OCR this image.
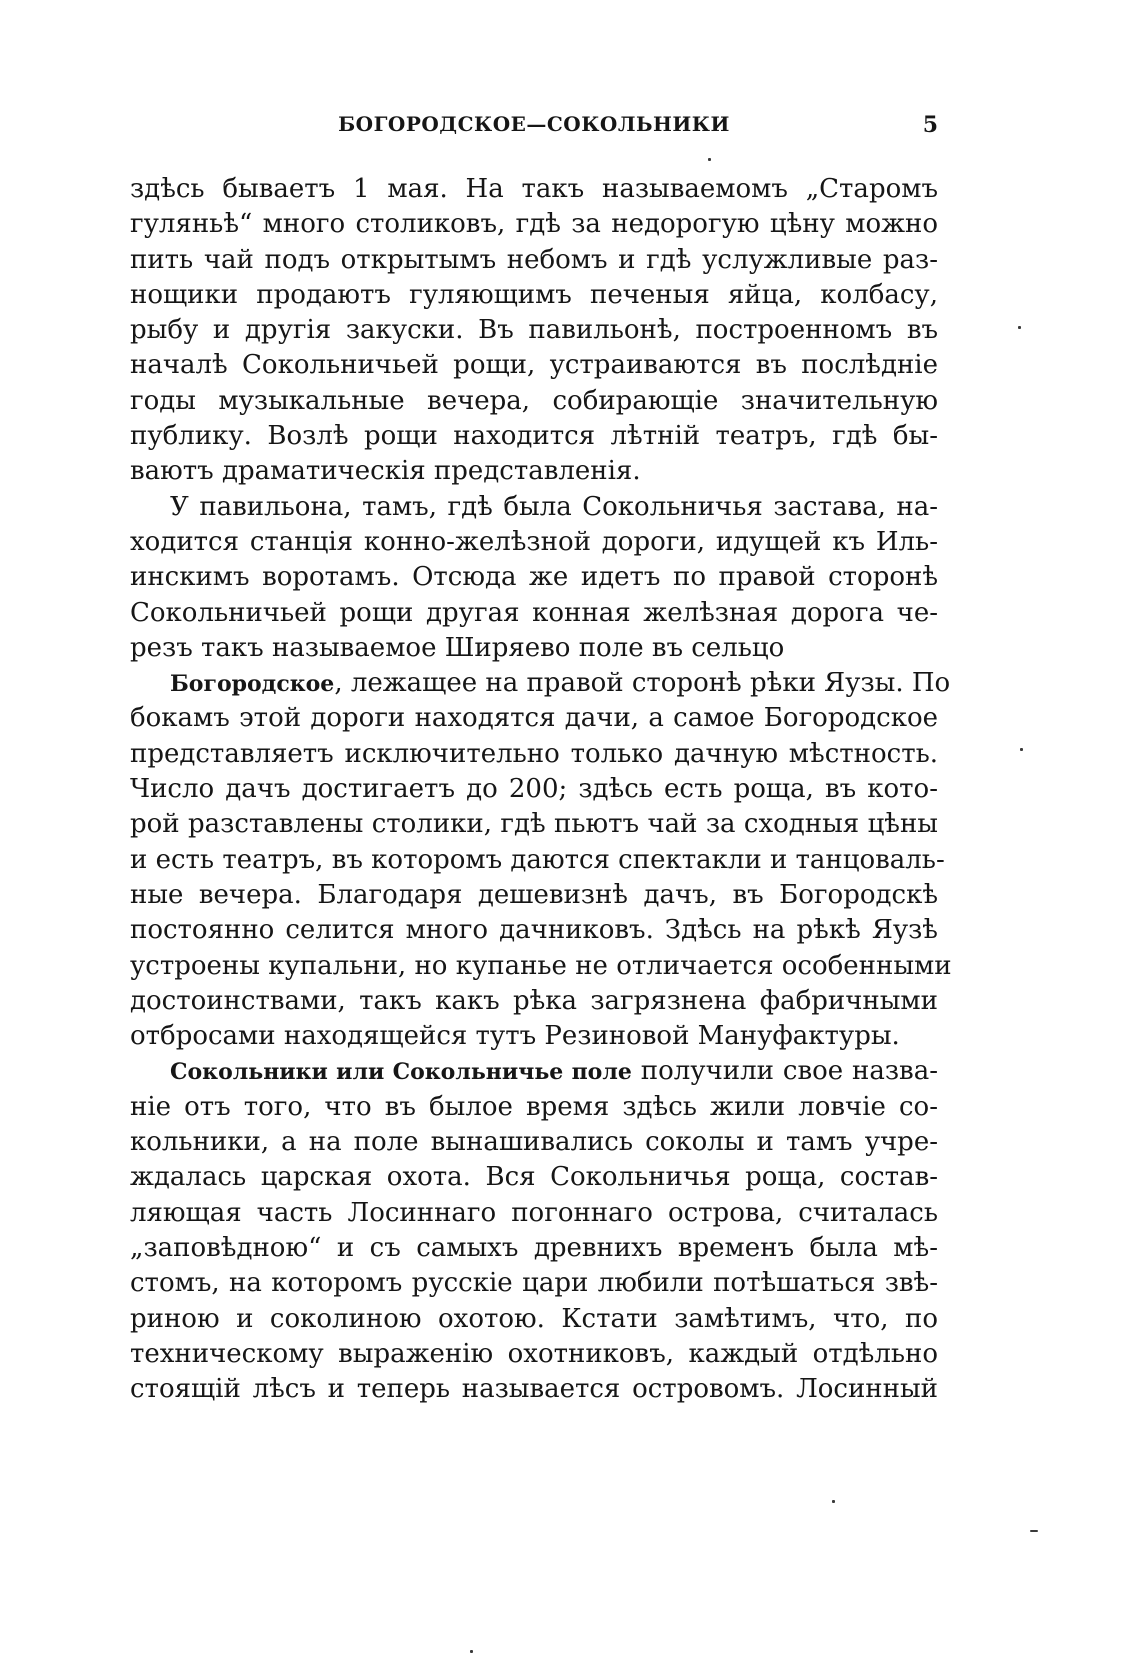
БОГОРОДСКОЕ—СОКОЛЬНИКИ	5
здѣсь бываетъ 1 мая. На такъ называемомъ „Старомъ
гуляньѣ“ много столиковъ, гдѣ за недорогую цѣну можно
пить чай подъ открытымъ небомъ и гдѣ услужливые раз-
нощики продаютъ гуляющимъ печеныя яйца, колбасу,
рыбу и другія закуски. Въ павильонѣ, построенномъ въ
началѣ Сокольничьей рощи, устраиваются въ послѣдніе
годы музыкальные вечера, собирающіе значительную
публику. Возлѣ рощи находится лѣтній театръ, гдѣ бы-
ваютъ драматическія представленія.
У павильона, тамъ, гдѣ была Сокольничья застава, на-
ходится станція конно-желѣзной дороги, идущей къ Иль-
инскимъ воротамъ. Отсюда же идетъ по правой сторонѣ
Сокольничьей рощи другая конная желѣзная дорога че-
резъ такъ называемое Ширяево поле въ сельцо
Богородское, лежащее на правой сторонѣ рѣки Яузы. По
бокамъ этой дороги находятся дачи, а самое Богородское
представляетъ исключительно только дачную мѣстность.
Число дачъ достигаетъ до 200; здѣсь есть роща, въ кото-
рой разставлены столики, гдѣ пьютъ чай за сходныя цѣны
и есть театръ, въ которомъ даются спектакли и танцоваль-
ные вечера. Благодаря дешевизнѣ дачъ, въ Богородскѣ
постоянно селится много дачниковъ. Здѣсь на рѣкѣ Яузѣ
устроены купальни, но купанье не отличается особенными
достоинствами, такъ какъ рѣка загрязнена фабричными
отбросами находящейся тутъ Резиновой Мануфактуры.
Сокольники или Сокольничье поле получили свое назва-
ніе отъ того, что въ былое время здѣсь жили ловчіе со-
кольники, а на поле вынашивались соколы и тамъ учре-
ждалась царская охота. Вся Сокольничья роща, состав-
ляющая часть Лосиннаго погоннаго острова, считалась
„заповѣдною“ и съ самыхъ древнихъ временъ была мѣ-
стомъ, на которомъ русскіе цари любили потѣшаться звѣ-
риною и соколиною охотою. Кстати замѣтимъ, что, по
техническому выраженію охотниковъ, каждый отдѣльно
стоящій лѣсъ и теперь называется островомъ. Лосинный
